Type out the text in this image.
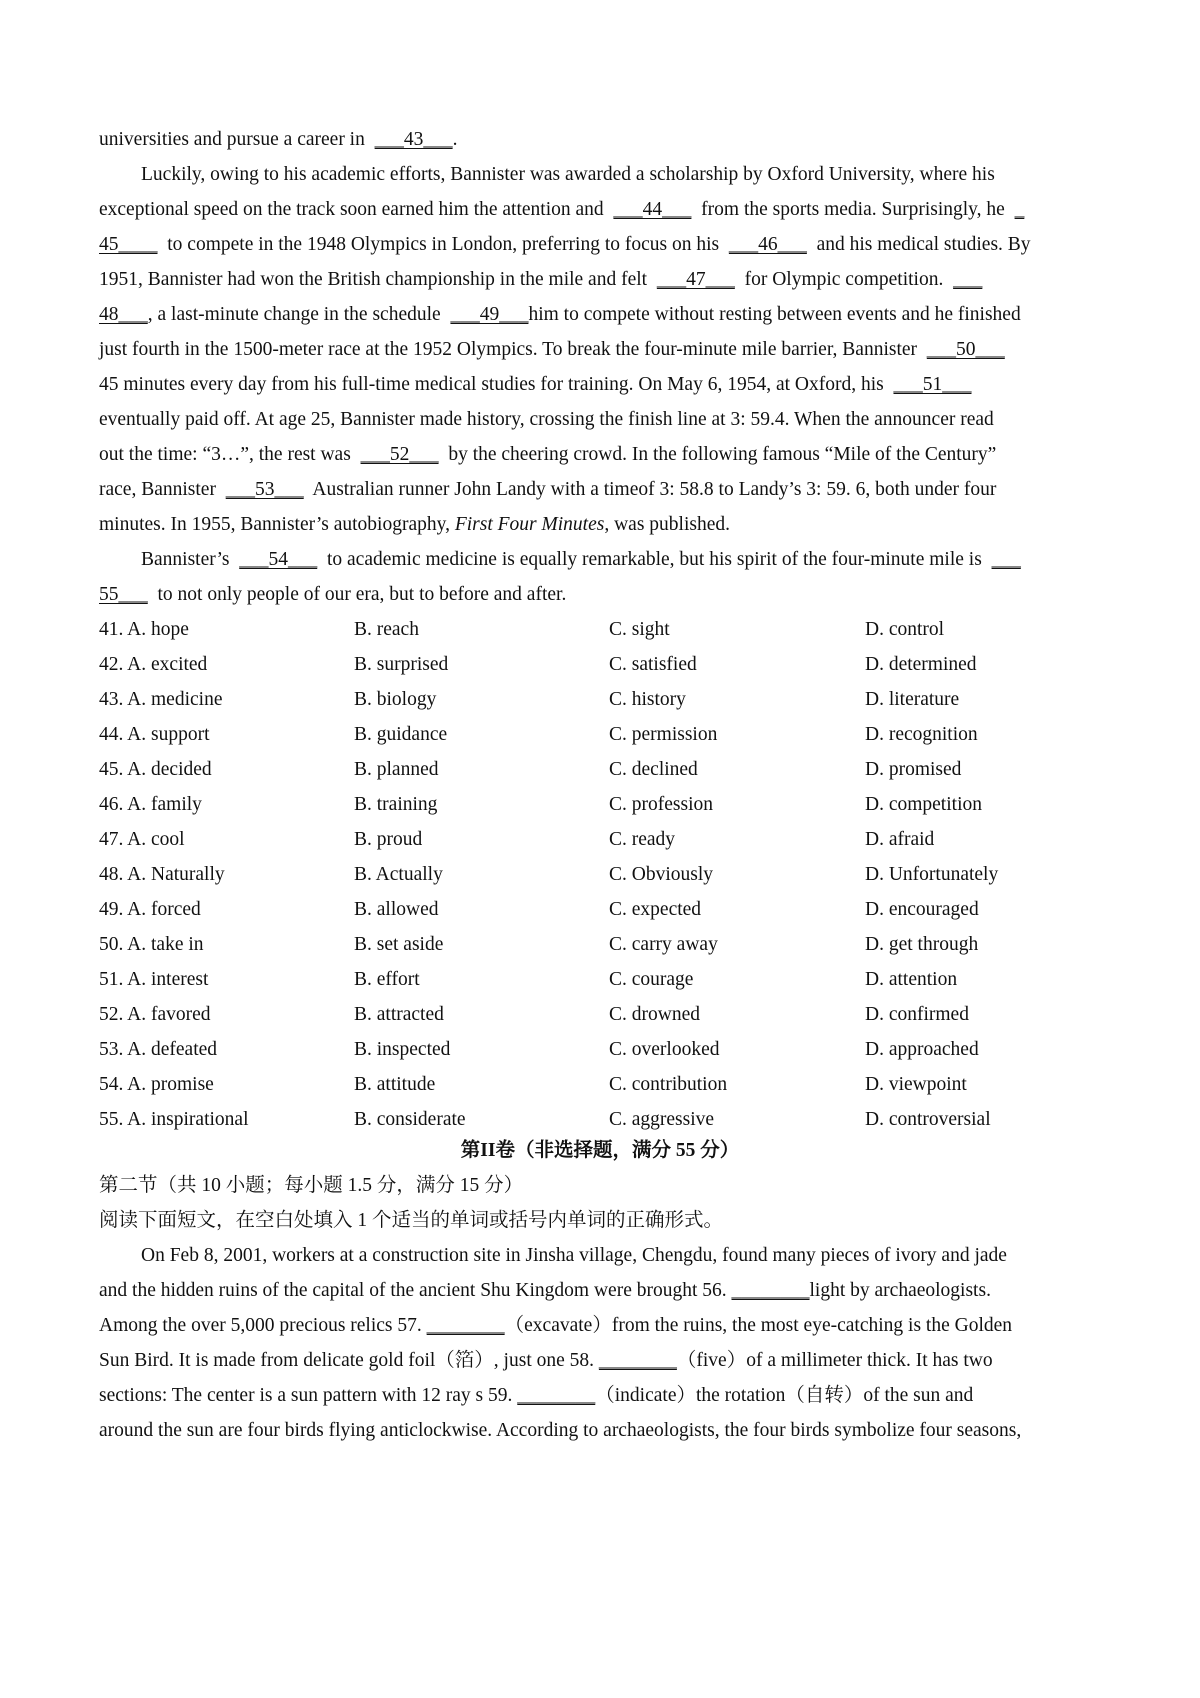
universities and pursue a career in  ___43___.
Luckily, owing to his academic efforts, Bannister was awarded a scholarship by Oxford University, where his
exceptional speed on the track soon earned him the attention and  ___44___  from the sports media. Surprisingly, he  _
45____  to compete in the 1948 Olympics in London, preferring to focus on his  ___46___  and his medical studies. By
1951, Bannister had won the British championship in the mile and felt  ___47___  for Olympic competition.  ___
48___, a last-minute change in the schedule  ___49___him to compete without resting between events and he finished
just fourth in the 1500-meter race at the 1952 Olympics. To break the four-minute mile barrier, Bannister  ___50___
45 minutes every day from his full-time medical studies for training. On May 6, 1954, at Oxford, his  ___51___
eventually paid off. At age 25, Bannister made history, crossing the finish line at 3: 59.4. When the announcer read
out the time: “3…”, the rest was  ___52___  by the cheering crowd. In the following famous “Mile of the Century”
race, Bannister  ___53___  Australian runner John Landy with a timeof 3: 58.8 to Landy’s 3: 59. 6, both under four
minutes. In 1955, Bannister’s autobiography, First Four Minutes, was published.
Bannister’s  ___54___  to academic medicine is equally remarkable, but his spirit of the four-minute mile is  ___
55___  to not only people of our era, but to before and after.
41. A. hope	B. reach	C. sight	D. control
42. A. excited	B. surprised	C. satisfied	D. determined
43. A. medicine	B. biology	C. history	D. literature
44. A. support	B. guidance	C. permission	D. recognition
45. A. decided	B. planned	C. declined	D. promised
46. A. family	B. training	C. profession	D. competition
47. A. cool	B. proud	C. ready	D. afraid
48. A. Naturally	B. Actually	C. Obviously	D. Unfortunately
49. A. forced	B. allowed	C. expected	D. encouraged
50. A. take in	B. set aside	C. carry away	D. get through
51. A. interest	B. effort	C. courage	D. attention
52. A. favored	B. attracted	C. drowned	D. confirmed
53. A. defeated	B. inspected	C. overlooked	D. approached
54. A. promise	B. attitude	C. contribution	D. viewpoint
55. A. inspirational	B. considerate	C. aggressive	D. controversial
第II卷（非选择题，满分 55 分）
第二节（共 10 小题；每小题 1.5 分，满分 15 分）
阅读下面短文，在空白处填入 1 个适当的单词或括号内单词的正确形式。
On Feb 8, 2001, workers at a construction site in Jinsha village, Chengdu, found many pieces of ivory and jade
and the hidden ruins of the capital of the ancient Shu Kingdom were brought 56. ________light by archaeologists.
Among the over 5,000 precious relics 57. ________（excavate）from the ruins, the most eye-catching is the Golden
Sun Bird. It is made from delicate gold foil（箔）, just one 58. ________（five）of a millimeter thick. It has two
sections: The center is a sun pattern with 12 ray s 59. ________（indicate）the rotation（自转）of the sun and
around the sun are four birds flying anticlockwise. According to archaeologists, the four birds symbolize four seasons,
